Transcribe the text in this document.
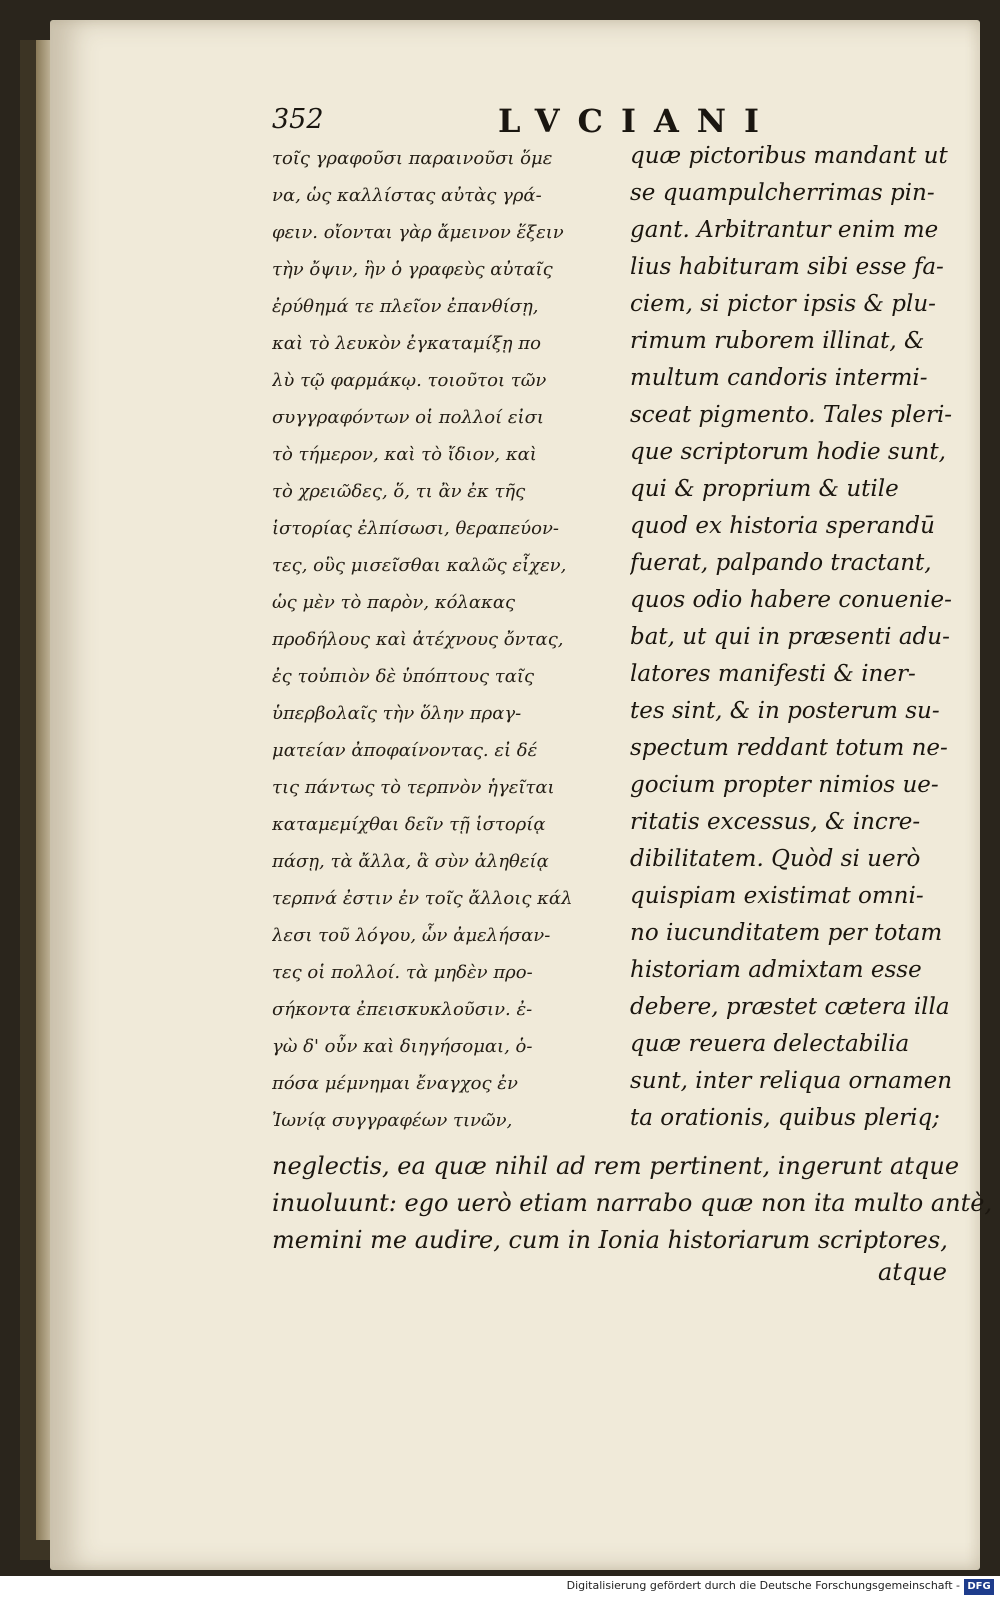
352	LVCIANI
τοῖς γραφοῦσι παραινοῦσι ὅμε
να, ὡς καλλίστας αὐτὰς γρά-
φειν. οἴονται γὰρ ἄμεινον ἕξειν
τὴν ὄψιν, ἣν ὁ γραφεὺς αὐταῖς
ἐρύθημά τε πλεῖον ἐπανθίσῃ,
καὶ τὸ λευκὸν ἐγκαταμίξῃ πο
λὺ τῷ φαρμάκῳ. τοιοῦτοι τῶν
συγγραφόντων οἱ πολλοί εἰσι
τὸ τήμερον, καὶ τὸ ἴδιον, καὶ
τὸ χρειῶδες, ὅ, τι ἂν ἐκ τῆς
ἱστορίας ἐλπίσωσι, θεραπεύον-
τες, οὓς μισεῖσθαι καλῶς εἶχεν,
ὡς μὲν τὸ παρὸν, κόλακας
προδήλους καὶ ἀτέχνους ὄντας,
ἐς τοὐπιὸν δὲ ὑπόπτους ταῖς
ὑπερβολαῖς τὴν ὅλην πραγ-
ματείαν ἀποφαίνοντας. εἰ δέ
τις πάντως τὸ τερπνὸν ἡγεῖται
καταμεμίχθαι δεῖν τῇ ἱστορίᾳ
πάσῃ, τὰ ἄλλα, ἃ σὺν ἀληθείᾳ
τερπνά ἐστιν ἐν τοῖς ἄλλοις κάλ
λεσι τοῦ λόγου, ὧν ἀμελήσαν-
τες οἱ πολλοί. τὰ μηδὲν προ-
σήκοντα ἐπεισκυκλοῦσιν. ἐ-
γὼ δ' οὖν καὶ διηγήσομαι, ὁ-
πόσα μέμνημαι ἔναγχος ἐν
Ἰωνίᾳ συγγραφέων τινῶν,
quæ pictoribus mandant ut
se quampulcherrimas pin-
gant. Arbitrantur enim me
lius habituram sibi esse fa-
ciem, si pictor ipsis & plu-
rimum ruborem illinat, &
multum candoris intermi-
sceat pigmento. Tales pleri-
que scriptorum hodie sunt,
qui & proprium & utile
quod ex historia sperandū
fuerat, palpando tractant,
quos odio habere conuenie-
bat, ut qui in præsenti adu-
latores manifesti & iner-
tes sint, & in posterum su-
spectum reddant totum ne-
gocium propter nimios ue-
ritatis excessus, & incre-
dibilitatem. Quòd si uerò
quispiam existimat omni-
no iucunditatem per totam
historiam admixtam esse
debere, præstet cætera illa
quæ reuera delectabilia
sunt, inter reliqua ornamen
ta orationis, quibus pleriq;
neglectis, ea quæ nihil ad rem pertinent, ingerunt atque
inuoluunt: ego uerò etiam narrabo quæ non ita multo antè,
memini me audire, cum in Ionia historiarum scriptores,
atque
Digitalisierung gefördert durch die Deutsche Forschungsgemeinschaft - DFG
